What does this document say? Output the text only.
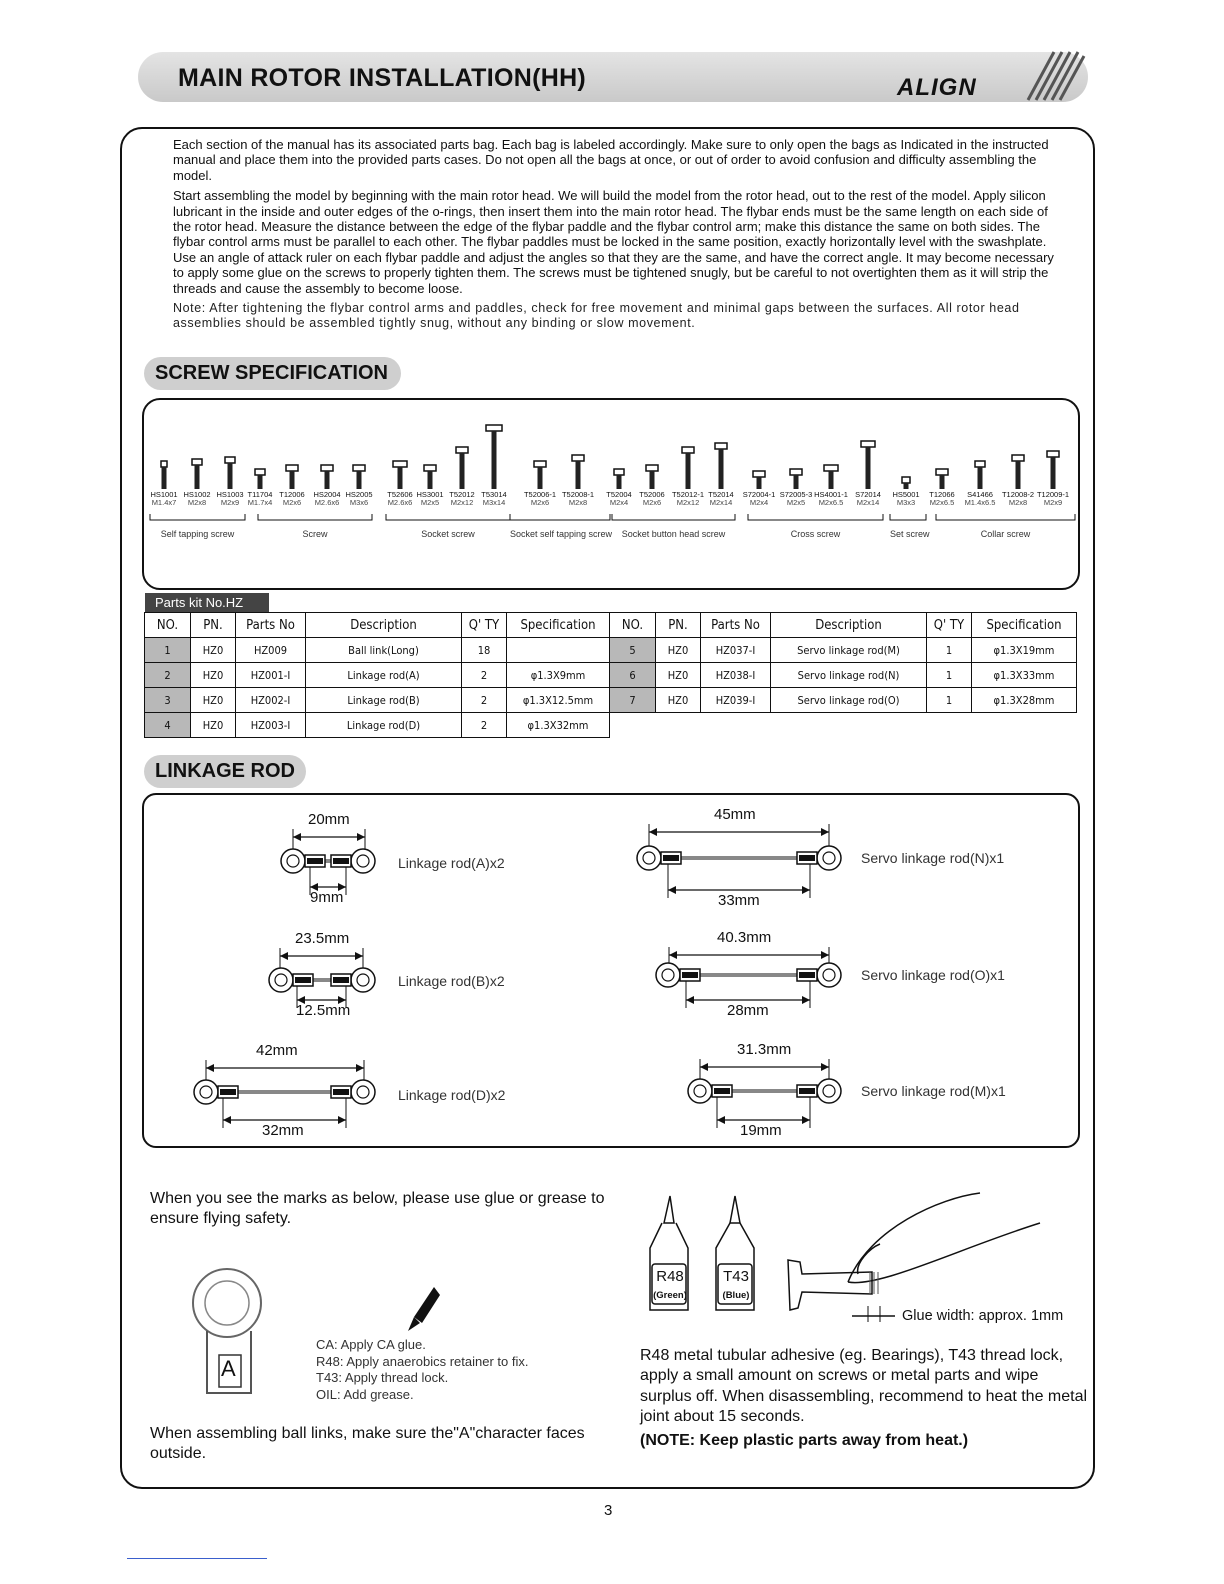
MAIN ROTOR INSTALLATION(HH)	ALIGN

Each section of the manual has its associated parts bag. Each bag is labeled accordingly. Make sure to only open the bags as Indicated in the instructed manual and place them into the provided parts cases. Do not open all the bags at once, or out of order to avoid confusion and difficulty assembling the model.

Start assembling the model by beginning with the main rotor head. We will build the model from the rotor head, out to the rest of the model. Apply silicon lubricant in the inside and outer edges of the o-rings, then insert them into the main rotor head. The flybar ends must be the same length on each side of the rotor head. Measure the distance between the edge of the flybar paddle and the flybar control arm; make this distance the same on both sides. The flybar control arms must be parallel to each other. The flybar paddles must be locked in the same position, exactly horizontally level with the swashplate. Use an angle of attack ruler on each flybar paddle and adjust the angles so that they are the same, and have the correct angle. It may become necessary to apply some glue on the screws to properly tighten them. The screws must be tightened snugly, but be careful to not overtighten them as it will strip the threads and cause the assembly to become loose.

Note: After tightening the flybar control arms and paddles, check for free movement and minimal gaps between the surfaces. All rotor head assemblies should be assembled tightly snug, without any binding or slow movement.

SCREW SPECIFICATION
HS1001
M1.4x7
HS1002
M2x8
HS1003
M2x9
T11704
M1.7x4
T12006
M2x6
HS2004
M2.6x6
HS2005
M3x6
T52606
M2.6x6
HS3001
M2x5
T52012
M2x12
T53014
M3x14
T52006-1
M2x6
T52008-1
M2x8
T52004
M2x4
T52006
M2x6
T52012-1
M2x12
T52014
M2x14
S72004-1
M2x4
S72005-3
M2x5
HS4001-1
M2x6.5
S72014
M2x14
HS5001
M3x3
T12066
M2x6.5
S41466
M1.4x6.5
T12008-2
M2x8
T12009-1
M2x9
Self tapping screw	Screw	Socket screw	Socket self tapping screw	Socket button head screw	Cross screw	Set screw	Collar screw
Parts kit No.HZ
NO.	PN.	Parts No	Description	Q' TY	Specification	NO.	PN.	Parts No	Description	Q' TY	Specification
1	HZ0	HZ009	Ball link(Long)	18		5	HZ0	HZ037-I	Servo linkage rod(M)	1	φ1.3X19mm
2	HZ0	HZ001-I	Linkage rod(A)	2	φ1.3X9mm	6	HZ0	HZ038-I	Servo linkage rod(N)	1	φ1.3X33mm
3	HZ0	HZ002-I	Linkage rod(B)	2	φ1.3X12.5mm	7	HZ0	HZ039-I	Servo linkage rod(O)	1	φ1.3X28mm
4	HZ0	HZ003-I	Linkage rod(D)	2	φ1.3X32mm						
LINKAGE ROD
20mm
9mm
Linkage rod(A)x2
23.5mm
12.5mm
Linkage rod(B)x2
42mm
32mm
Linkage rod(D)x2
45mm
33mm
Servo linkage rod(N)x1
40.3mm
28mm
Servo linkage rod(O)x1
31.3mm
19mm
Servo linkage rod(M)x1
When you see the marks as below, please use glue or grease to ensure flying safety.
A
CA: Apply CA glue.
R48: Apply anaerobics retainer to fix.
T43: Apply thread lock.
OIL: Add grease.
When assembling ball links, make sure the"A"character faces outside.
R48
(Green)
T43
(Blue)
Glue width: approx. 1mm
R48 metal tubular adhesive (eg. Bearings), T43 thread lock, apply a small amount on screws or metal parts and wipe surplus off. When disassembling, recommend to heat the metal joint about 15 seconds.
(NOTE: Keep plastic parts away from heat.)
3
